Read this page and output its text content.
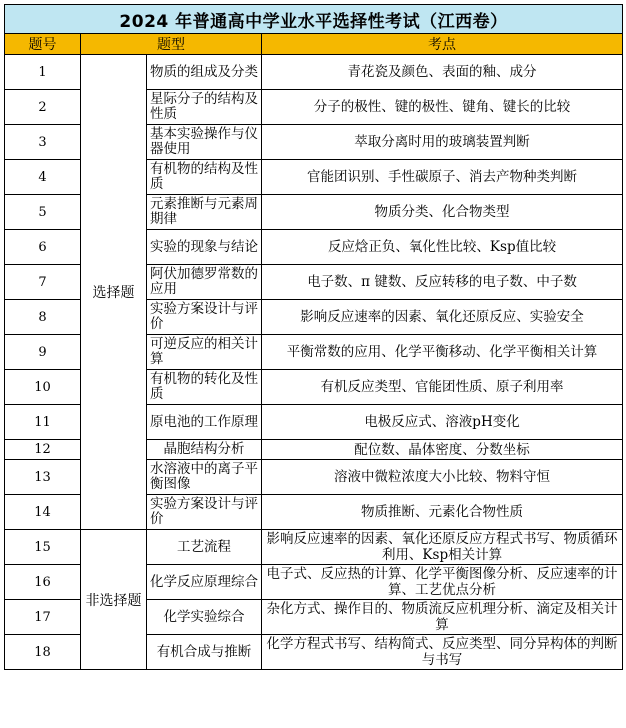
2024 年普通高中学业水平选择性考试（江西卷）			
题号	题型		考点
1	选择题	物质的组成及分类	青花瓷及颜色、表面的釉、成分
2		星际分子的结构及性质	分子的极性、键的极性、键角、键长的比较
3		基本实验操作与仪器使用	萃取分离时用的玻璃装置判断
4		有机物的结构及性质	官能团识别、手性碳原子、消去产物种类判断
5		元素推断与元素周期律	物质分类、化合物类型
6		实验的现象与结论	反应焓正负、氧化性比较、Ksp值比较
7		阿伏加德罗常数的应用	电子数、π 键数、反应转移的电子数、中子数
8		实验方案设计与评价	影响反应速率的因素、氧化还原反应、实验安全
9		可逆反应的相关计算	平衡常数的应用、化学平衡移动、化学平衡相关计算
10		有机物的转化及性质	有机反应类型、官能团性质、原子利用率
11		原电池的工作原理	电极反应式、溶液pH变化
12		晶胞结构分析	配位数、晶体密度、分数坐标
13		水溶液中的离子平衡图像	溶液中微粒浓度大小比较、物料守恒
14		实验方案设计与评价	物质推断、元素化合物性质
15	非选择题	工艺流程	影响反应速率的因素、氧化还原反应方程式书写、物质循环利用、Ksp相关计算
16		化学反应原理综合	电子式、反应热的计算、化学平衡图像分析、反应速率的计算、工艺优点分析
17		化学实验综合	杂化方式、操作目的、物质流反应机理分析、滴定及相关计算
18		有机合成与推断	化学方程式书写、结构简式、反应类型、同分异构体的判断与书写
